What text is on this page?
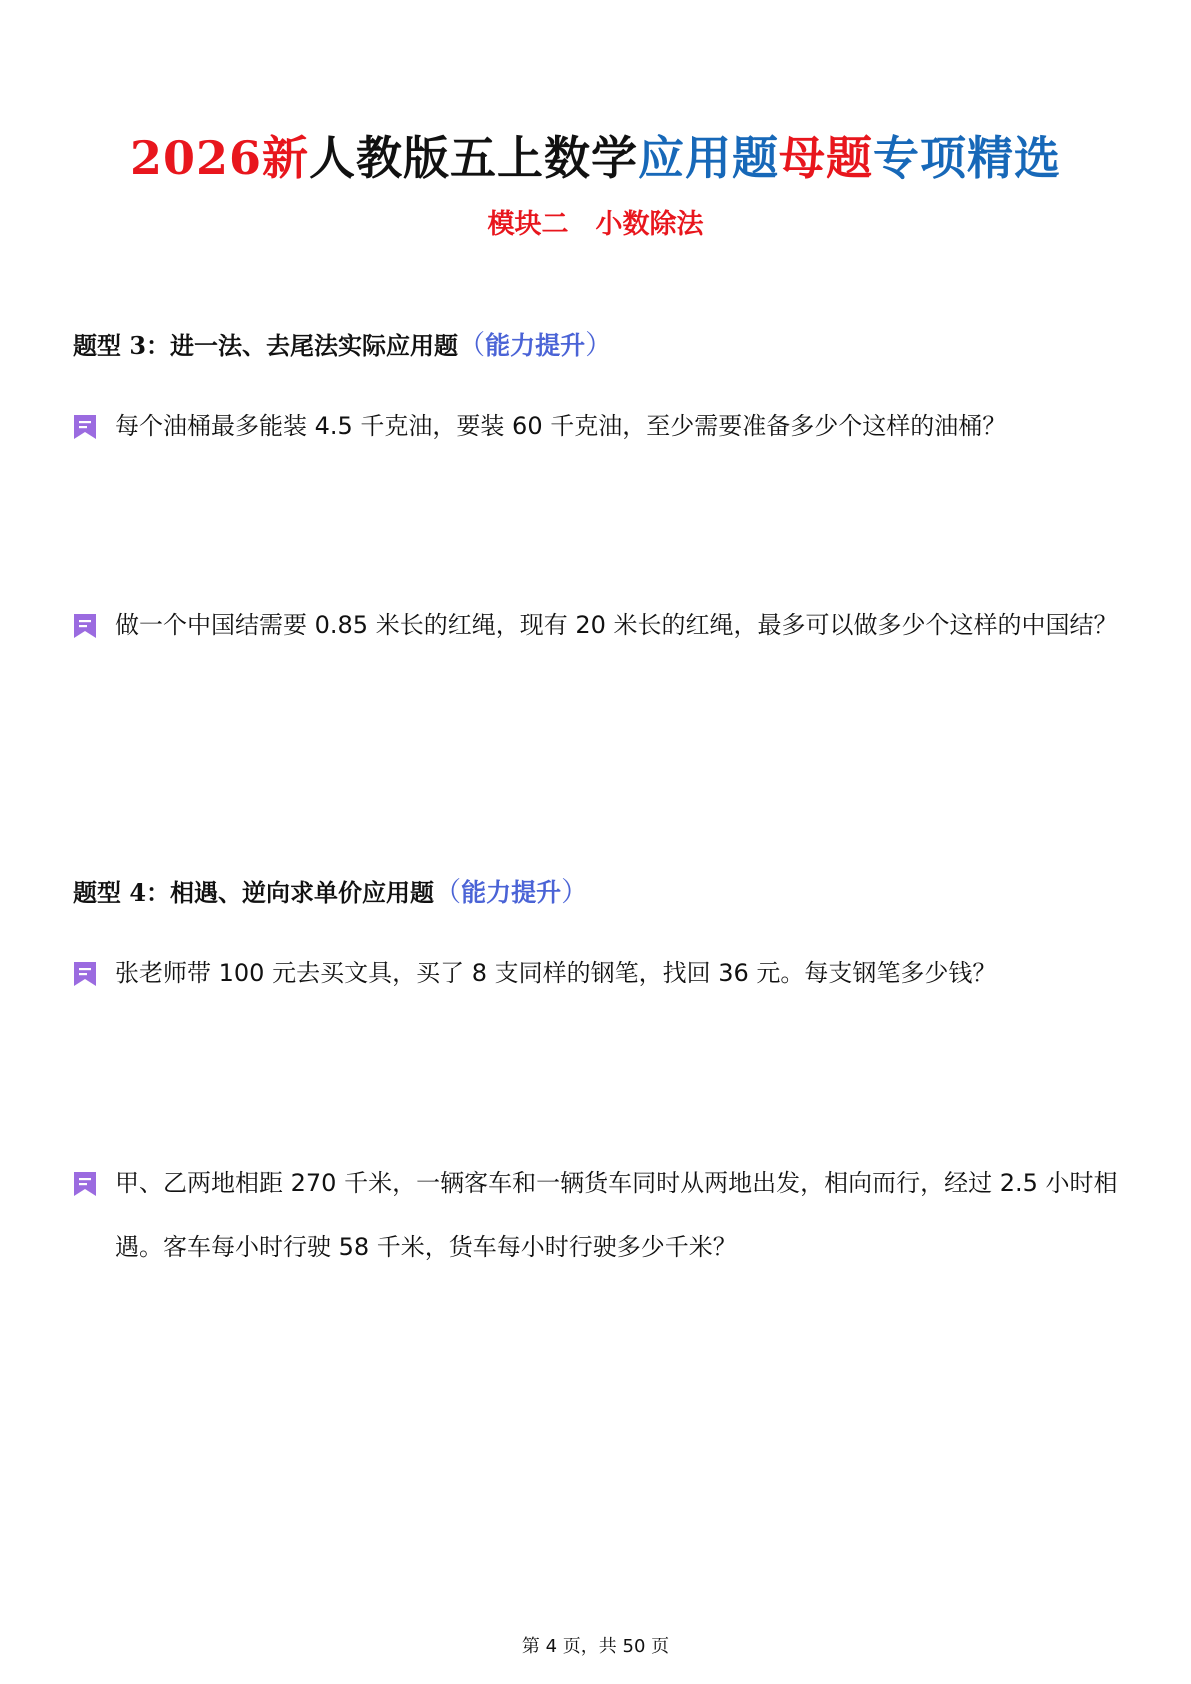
2026新人教版五上数学应用题母题专项精选
模块二　小数除法
题型 3：进一法、去尾法实际应用题（能力提升）
每个油桶最多能装 4.5 千克油，要装 60 千克油，至少需要准备多少个这样的油桶？
做一个中国结需要 0.85 米长的红绳，现有 20 米长的红绳，最多可以做多少个这样的中国结？
题型 4：相遇、逆向求单价应用题（能力提升）
张老师带 100 元去买文具，买了 8 支同样的钢笔，找回 36 元。每支钢笔多少钱？
甲、乙两地相距 270 千米，一辆客车和一辆货车同时从两地出发，相向而行，经过 2.5 小时相遇。客车每小时行驶 58 千米，货车每小时行驶多少千米？
第 4 页，共 50 页
